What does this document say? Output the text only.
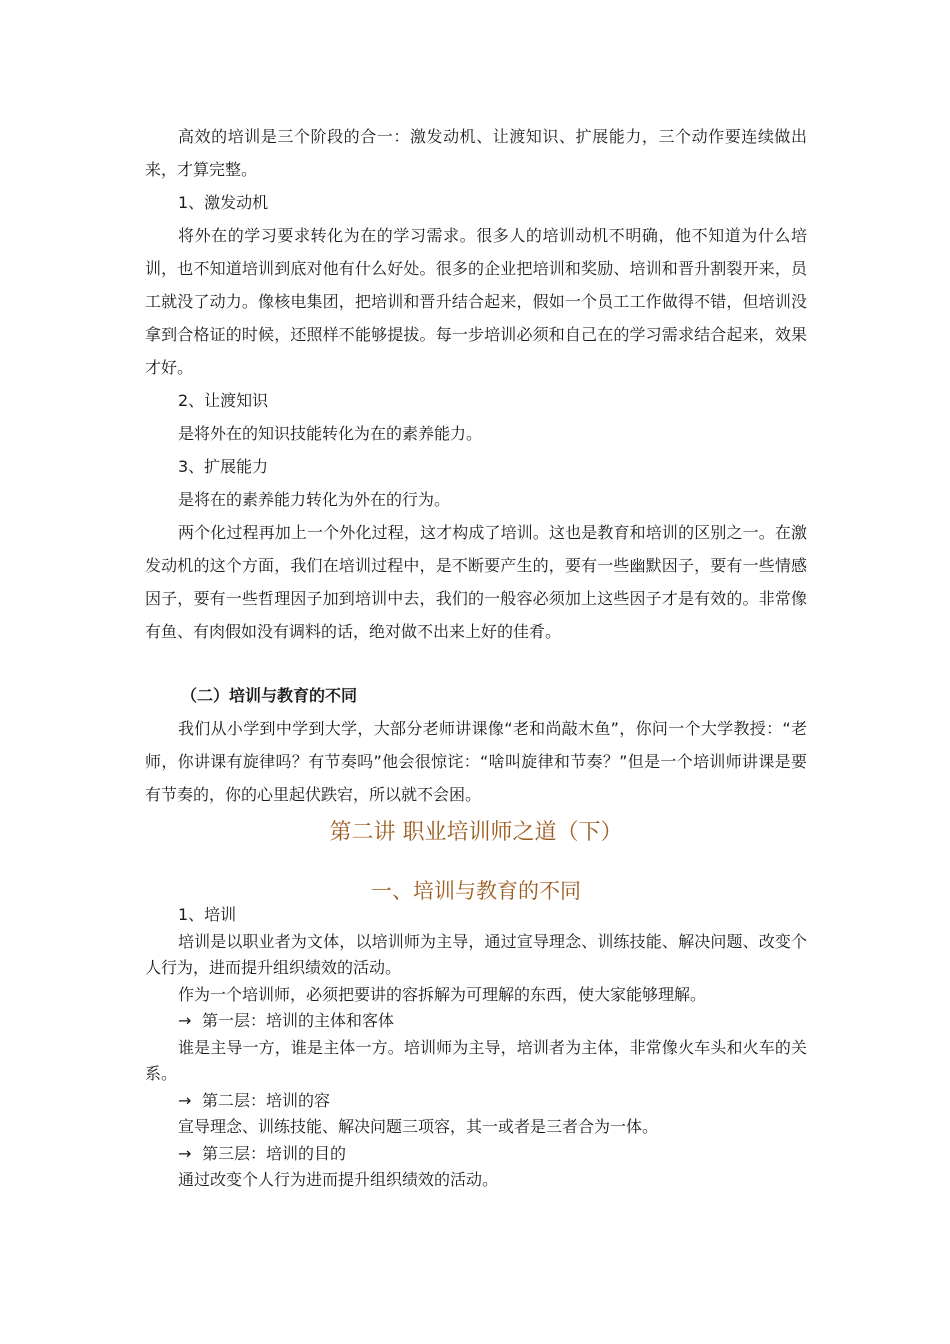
高效的培训是三个阶段的合一：激发动机、让渡知识、扩展能力，三个动作要连续做出来，才算完整。

1、激发动机

将外在的学习要求转化为在的学习需求。很多人的培训动机不明确，他不知道为什么培训，也不知道培训到底对他有什么好处。很多的企业把培训和奖励、培训和晋升割裂开来，员工就没了动力。像核电集团，把培训和晋升结合起来，假如一个员工工作做得不错，但培训没拿到合格证的时候，还照样不能够提拔。每一步培训必须和自己在的学习需求结合起来，效果才好。

2、让渡知识

是将外在的知识技能转化为在的素养能力。

3、扩展能力

是将在的素养能力转化为外在的行为。

两个化过程再加上一个外化过程，这才构成了培训。这也是教育和培训的区别之一。在激发动机的这个方面，我们在培训过程中，是不断要产生的，要有一些幽默因子，要有一些情感因子，要有一些哲理因子加到培训中去，我们的一般容必须加上这些因子才是有效的。非常像有鱼、有肉假如没有调料的话，绝对做不出来上好的佳肴。

（二）培训与教育的不同

我们从小学到中学到大学，大部分老师讲课像“老和尚敲木鱼”，你问一个大学教授：“老师，你讲课有旋律吗？有节奏吗”他会很惊诧：“啥叫旋律和节奏？”但是一个培训师讲课是要有节奏的，你的心里起伏跌宕，所以就不会困。

第二讲 职业培训师之道（下）
一、培训与教育的不同

1、培训

培训是以职业者为文体，以培训师为主导，通过宣导理念、训练技能、解决问题、改变个人行为，进而提升组织绩效的活动。

作为一个培训师，必须把要讲的容拆解为可理解的东西，使大家能够理解。

→ 第一层：培训的主体和客体

谁是主导一方，谁是主体一方。培训师为主导，培训者为主体，非常像火车头和火车的关系。

→ 第二层：培训的容

宣导理念、训练技能、解决问题三项容，其一或者是三者合为一体。

→ 第三层：培训的目的

通过改变个人行为进而提升组织绩效的活动。
